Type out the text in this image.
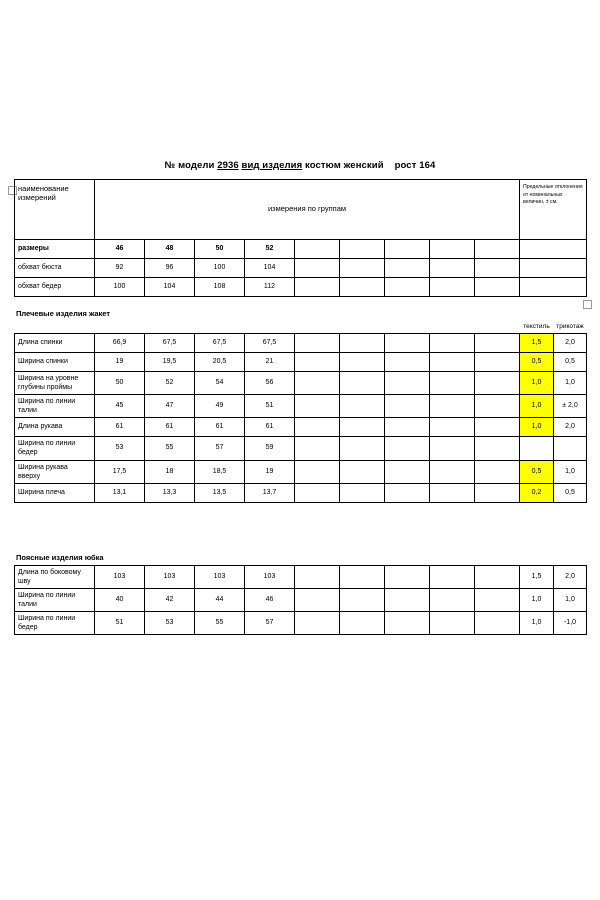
№ модели 2936 вид изделия костюм женский рост 164
наименование измерений	измерения по группам									Предельные отклонения от номинальных величин, ± см.
размеры	46	48	50	52						
обхват бюста	92	96	100	104						
обхват бедер	100	104	108	112						
Плечевые изделия жакет
										текстиль	трикотаж
Длина спинки	66,9	67,5	67,5	67,5						1,5	2,0
Ширина спинки	19	19,5	20,5	21						0,5	0,5
Ширина на уровне глубины проймы	50	52	54	56						1,0	1,0
Ширина по линии талии	45	47	49	51						1,0	± 2,0
Длина рукава	61	61	61	61						1,0	2,0
Ширина по линии бедер	53	55	57	59							
Ширина рукава вверху	17,5	18	18,5	19						0,5	1,0
Ширина плеча	13,1	13,3	13,5	13,7						0,2	0,5
Поясные изделия юбка
Длина по боковому шву	103	103	103	103						1,5	2,0
Ширина по линии талии	40	42	44	46						1,0	1,0
Ширина по линии бедер	51	53	55	57						1,0	-1,0
